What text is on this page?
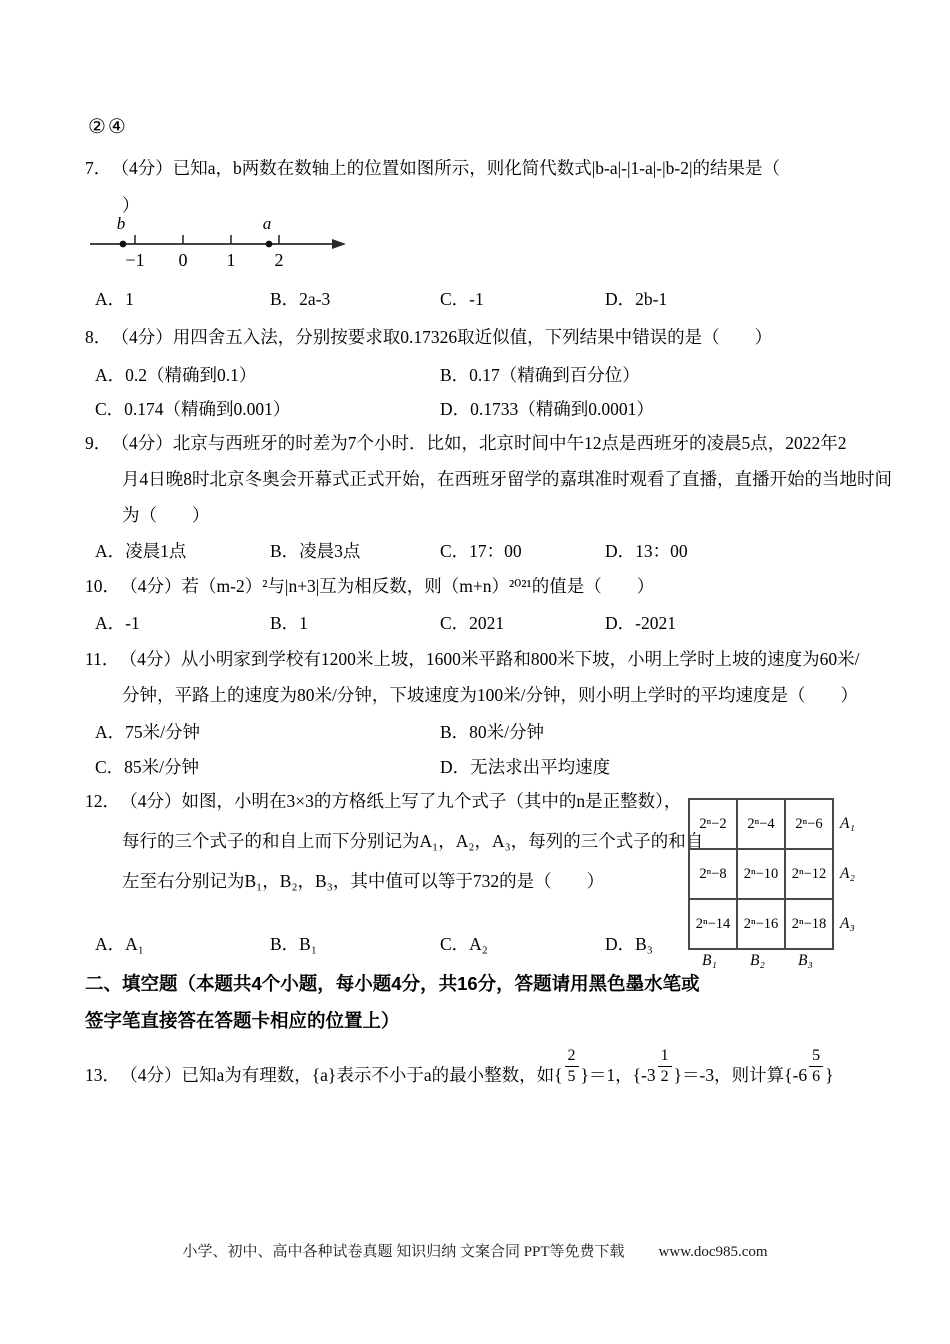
②④
7． （4分）已知a，b两数在数轴上的位置如图所示，则化简代数式|b-a|-|1-a|-|b-2|的结果是（
）
b	a
−1 0 1 2
A．1	B．2a-3	C．-1	D．2b-1
8． （4分）用四舍五入法，分别按要求取0.17326取近似值，下列结果中错误的是（　　）
A．0.2（精确到0.1）	B．0.17（精确到百分位）
C．0.174（精确到0.001）	D．0.1733（精确到0.0001）
9． （4分）北京与西班牙的时差为7个小时．比如，北京时间中午12点是西班牙的凌晨5点，2022年2
月4日晚8时北京冬奥会开幕式正式开始，在西班牙留学的嘉琪准时观看了直播，直播开始的当地时间
为（　　）
A．凌晨1点	B．凌晨3点	C．17：00	D．13：00
10． （4分）若（m-2）²与|n+3|互为相反数，则（m+n）²⁰²¹的值是（　　）
A．-1	B．1	C．2021	D．-2021
11． （4分）从小明家到学校有1200米上坡，1600米平路和800米下坡，小明上学时上坡的速度为60米/
分钟，平路上的速度为80米/分钟，下坡速度为100米/分钟，则小明上学时的平均速度是（　　）
A．75米/分钟	B．80米/分钟
C．85米/分钟	D．无法求出平均速度
12． （4分）如图，小明在3×3的方格纸上写了九个式子（其中的n是正整数），
每行的三个式子的和自上而下分别记为A₁，A₂，A₃，每列的三个式子的和自
左至右分别记为B₁，B₂，B₃，其中值可以等于732的是（　　）
2ⁿ−2	2ⁿ−4	2ⁿ−6
2ⁿ−8	2ⁿ−10 2ⁿ−12
2ⁿ−14 2ⁿ−16 2ⁿ−18
A₁
A₂
A₃
B₁ B₂ B₃
A．A₁	B．B₁	C．A₂	D．B₃
二、填空题（本题共4个小题，每小题4分，共16分，答题请用黑色墨水笔或
签字笔直接答在答题卡相应的位置上）
13． （4分）已知a为有理数，{a}表示不小于a的最小整数，如{ $\frac{2}{5} \}=1$，$\{-3 \frac{1}{2} \}=-3$，则计算{$-6 \frac{5}{6}$ }
小学、初中、高中各种试卷真题 知识归纳 文案合同 PPT等免费下载 www.doc985.com
